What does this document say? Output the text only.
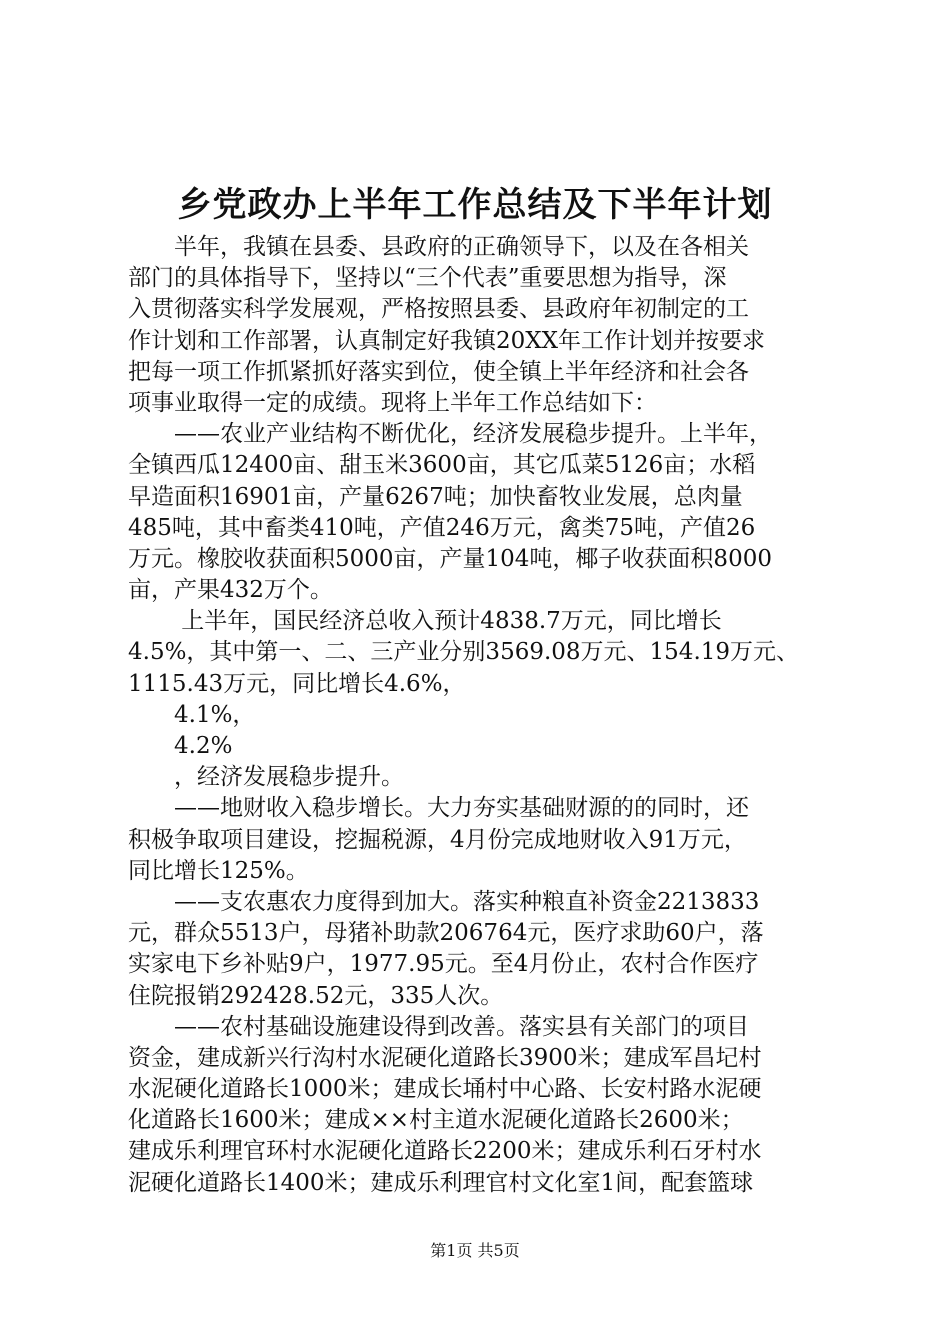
乡党政办上半年工作总结及下半年计划
　　半年，我镇在县委、县政府的正确领导下，以及在各相关
部门的具体指导下，坚持以“三个代表”重要思想为指导，深
入贯彻落实科学发展观，严格按照县委、县政府年初制定的工
作计划和工作部署，认真制定好我镇20XX年工作计划并按要求
把每一项工作抓紧抓好落实到位，使全镇上半年经济和社会各
项事业取得一定的成绩。现将上半年工作总结如下：
　　——农业产业结构不断优化，经济发展稳步提升。上半年，
全镇西瓜12400亩、甜玉米3600亩，其它瓜菜5126亩；水稻
早造面积16901亩，产量6267吨；加快畜牧业发展，总肉量
485吨，其中畜类410吨，产值246万元，禽类75吨，产值26
万元。橡胶收获面积5000亩，产量104吨，椰子收获面积8000
亩，产果432万个。
　　 上半年，国民经济总收入预计4838.7万元，同比增长
4.5%，其中第一、二、三产业分别3569.08万元、154.19万元、
1115.43万元，同比增长4.6%，
　　4.1%，
　　4.2%
　　，经济发展稳步提升。
　　——地财收入稳步增长。大力夯实基础财源的的同时，还
积极争取项目建设，挖掘税源，4月份完成地财收入91万元，
同比增长125%。
　　——支农惠农力度得到加大。落实种粮直补资金2213833
元，群众5513户，母猪补助款206764元，医疗求助60户，落
实家电下乡补贴9户，1977.95元。至4月份止，农村合作医疗
住院报销292428.52元，335人次。
　　——农村基础设施建设得到改善。落实县有关部门的项目
资金，建成新兴行沟村水泥硬化道路长3900米；建成军昌圮村
水泥硬化道路长1000米；建成长埇村中心路、长安村路水泥硬
化道路长1600米；建成××村主道水泥硬化道路长2600米；
建成乐利理官环村水泥硬化道路长2200米；建成乐利石牙村水
泥硬化道路长1400米；建成乐利理官村文化室1间，配套篮球
第1页 共5页
